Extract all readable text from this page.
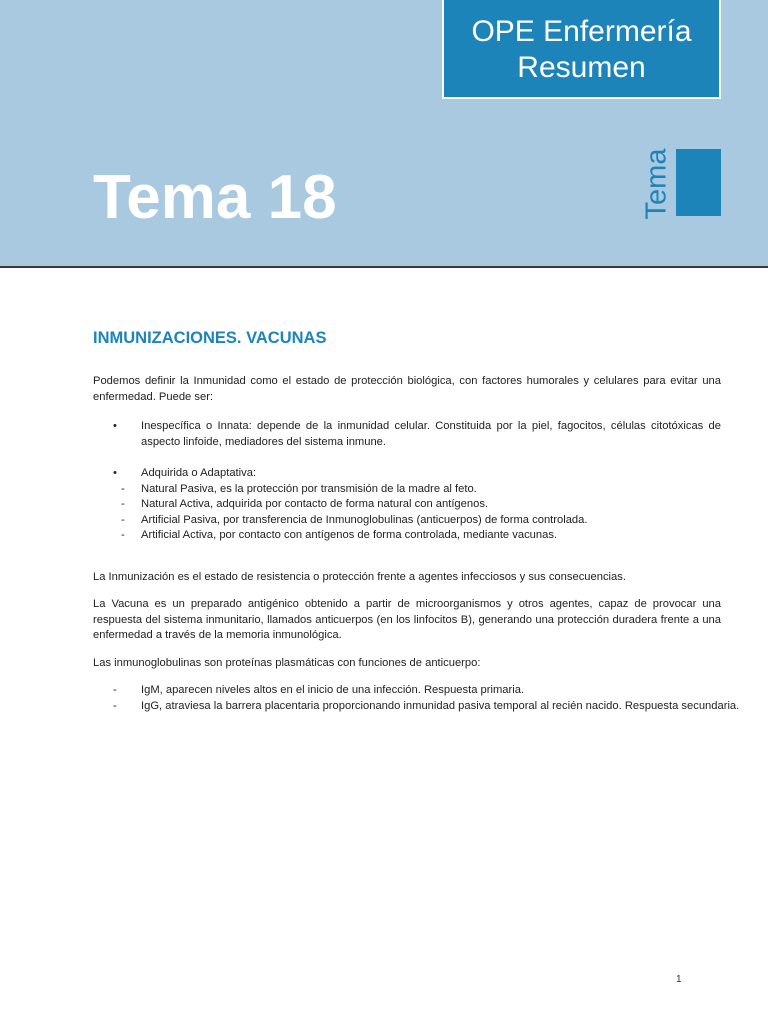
OPE Enfermería
Resumen
Tema 18	Tema
INMUNIZACIONES. VACUNAS

Podemos definir la Inmunidad como el estado de protección biológica, con factores humorales y celulares para evitar una enfermedad. Puede ser:

•	Inespecífica o Innata: depende de la inmunidad celular. Constituida por la piel, fagocitos, células citotóxicas de aspecto linfoide, mediadores del sistema inmune.
•	Adquirida o Adaptativa:
-	Natural Pasiva, es la protección por transmisión de la madre al feto.
-	Natural Activa, adquirida por contacto de forma natural con antígenos.
-	Artificial Pasiva, por transferencia de Inmunoglobulinas (anticuerpos) de forma controlada.
-	Artificial Activa, por contacto con antígenos de forma controlada, mediante vacunas.

La Inmunización es el estado de resistencia o protección frente a agentes infecciosos y sus consecuencias.

La Vacuna es un preparado antigénico obtenido a partir de microorganismos y otros agentes, capaz de provocar una respuesta del sistema inmunitario, llamados anticuerpos (en los linfocitos B), generando una protección duradera frente a una enfermedad a través de la memoria inmunológica.

Las inmunoglobulinas son proteínas plasmáticas con funciones de anticuerpo:

-	IgM, aparecen niveles altos en el inicio de una infección. Respuesta primaria.
-	IgG, atraviesa la barrera placentaria proporcionando inmunidad pasiva temporal al recién nacido. Respuesta secundaria.
1
